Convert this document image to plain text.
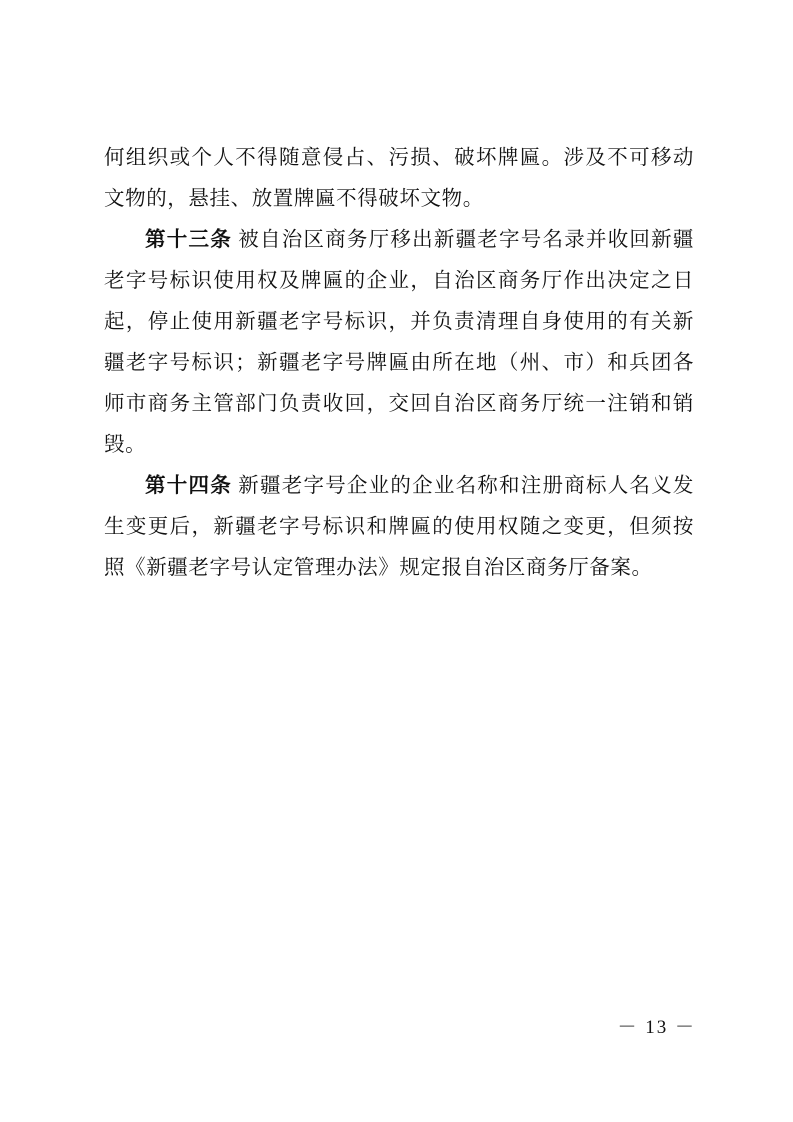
何组织或个人不得随意侵占、污损、破坏牌匾。涉及不可移动文物的，悬挂、放置牌匾不得破坏文物。

第十三条 被自治区商务厅移出新疆老字号名录并收回新疆老字号标识使用权及牌匾的企业，自治区商务厅作出决定之日起，停止使用新疆老字号标识，并负责清理自身使用的有关新疆老字号标识；新疆老字号牌匾由所在地（州、市）和兵团各师市商务主管部门负责收回，交回自治区商务厅统一注销和销毁。

第十四条 新疆老字号企业的企业名称和注册商标人名义发生变更后，新疆老字号标识和牌匾的使用权随之变更，但须按照《新疆老字号认定管理办法》规定报自治区商务厅备案。

－ 13 －
